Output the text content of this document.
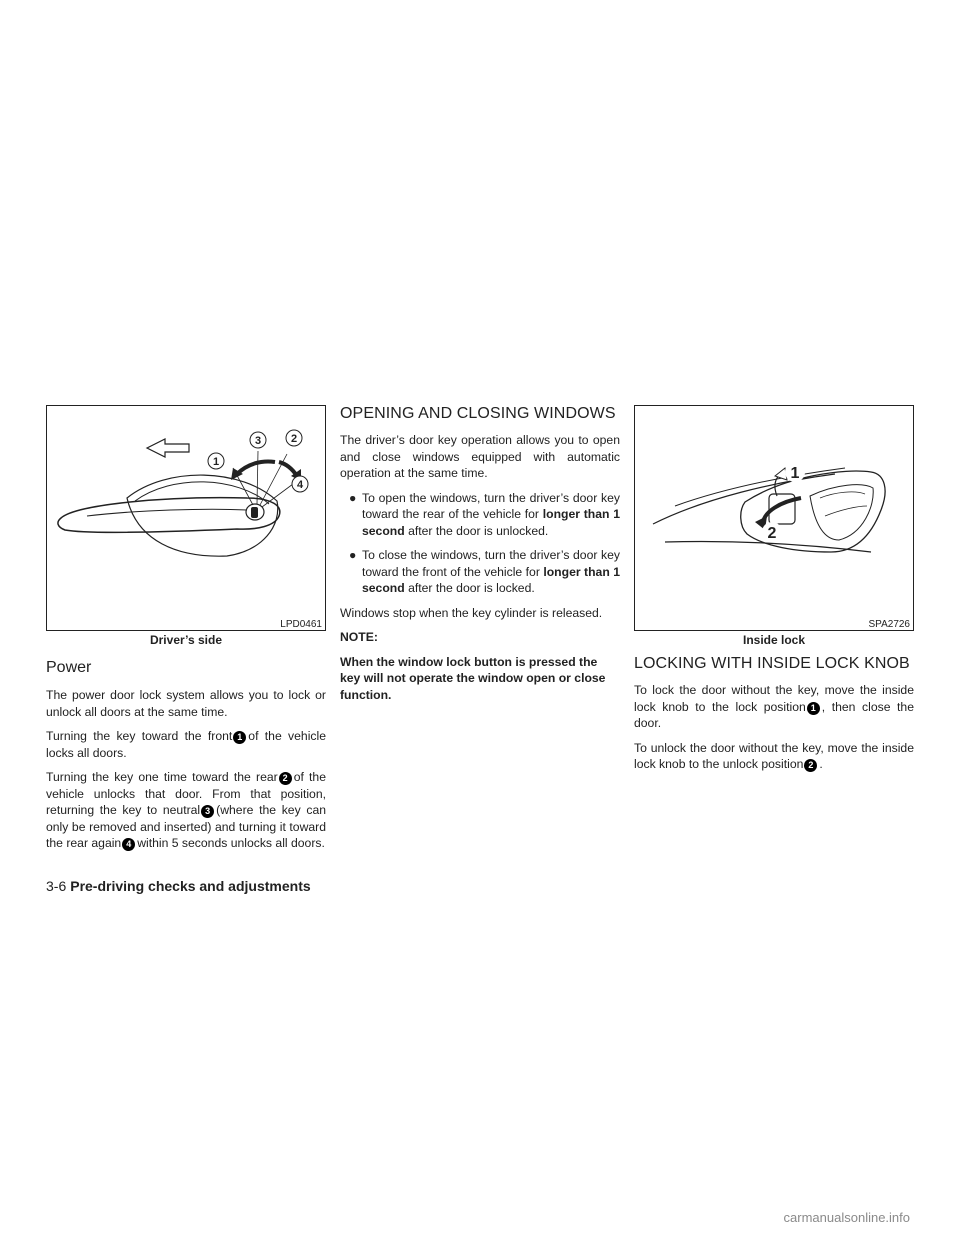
1
3	2
4
LPD0461
Driver’s side
Power

The power door lock system allows you to lock or unlock all doors at the same time.

Turning the key toward the front 1 of the vehicle locks all doors.

Turning the key one time toward the rear 2 of the vehicle unlocks that door. From that position, returning the key to neutral 3 (where the key can only be removed and inserted) and turning it toward the rear again 4 within 5 seconds unlocks all doors.

OPENING AND CLOSING WINDOWS

The driver’s door key operation allows you to open and close windows equipped with automatic operation at the same time.

● To open the windows, turn the driver’s door key toward the rear of the vehicle for longer than 1 second after the door is unlocked.
● To close the windows, turn the driver’s door key toward the front of the vehicle for longer than 1 second after the door is locked.

Windows stop when the key cylinder is released.

NOTE:

When the window lock button is pressed the key will not operate the window open or close function.

1
2
SPA2726
Inside lock
LOCKING WITH INSIDE LOCK KNOB

To lock the door without the key, move the inside lock knob to the lock position 1 , then close the door.

To unlock the door without the key, move the inside lock knob to the unlock position 2 .

3-6 Pre-driving checks and adjustments
carmanualsonline.info
